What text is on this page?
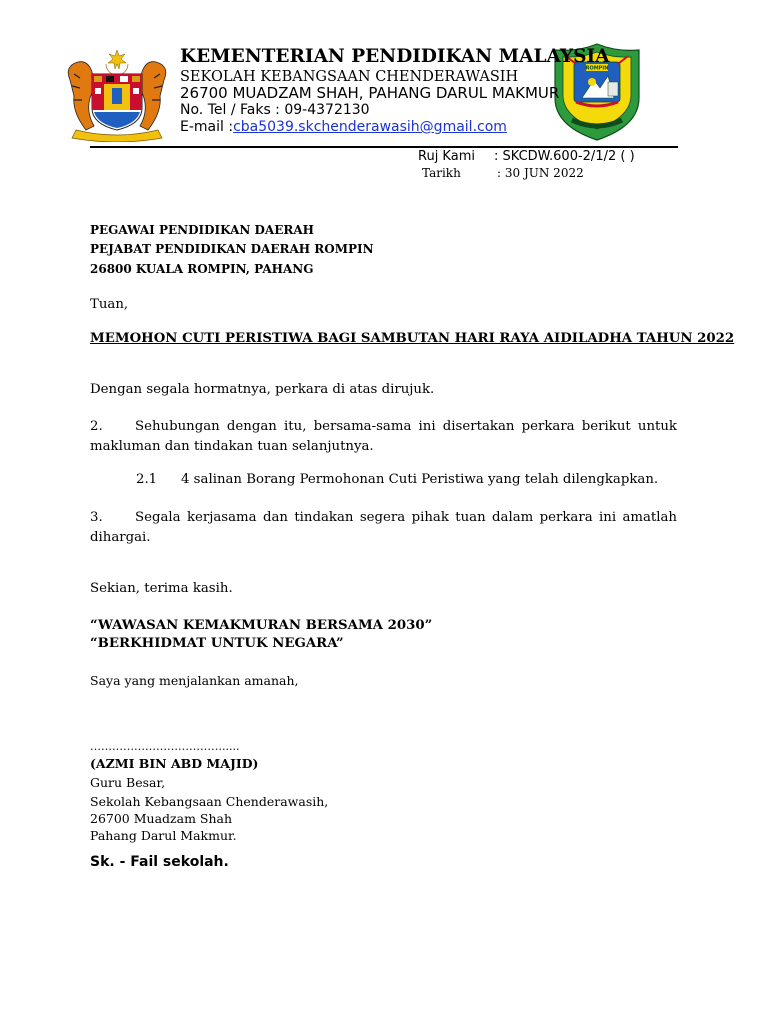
ROMPIN
KEMENTERIAN PENDIDIKAN MALAYSIA
SEKOLAH KEBANGSAAN CHENDERAWASIH
26700 MUADZAM SHAH, PAHANG DARUL MAKMUR
No. Tel / Faks : 09-4372130
E-mail :cba5039.skchenderawasih@gmail.com
Ruj Kami : SKCDW.600-2/1/2 ( )
Tarikh	: 30 JUN 2022
PEGAWAI PENDIDIKAN DAERAH
PEJABAT PENDIDIKAN DAERAH ROMPIN
26800 KUALA ROMPIN, PAHANG
Tuan,
MEMOHON CUTI PERISTIWA BAGI SAMBUTAN HARI RAYA AIDILADHA TAHUN 2022
Dengan segala hormatnya, perkara di atas dirujuk.
2. Sehubungan dengan itu, bersama-sama ini disertakan perkara berikut untuk makluman dan tindakan tuan selanjutnya.
2.1 4 salinan Borang Permohonan Cuti Peristiwa yang telah dilengkapkan.
3. Segala kerjasama dan tindakan segera pihak tuan dalam perkara ini amatlah dihargai.
Sekian, terima kasih.
“WAWASAN KEMAKMURAN BERSAMA 2030”
“BERKHIDMAT UNTUK NEGARA”
Saya yang menjalankan amanah,
……………………………….....
(AZMI BIN ABD MAJID)
Guru Besar,
Sekolah Kebangsaan Chenderawasih,
26700 Muadzam Shah
Pahang Darul Makmur.
Sk. - Fail sekolah.
